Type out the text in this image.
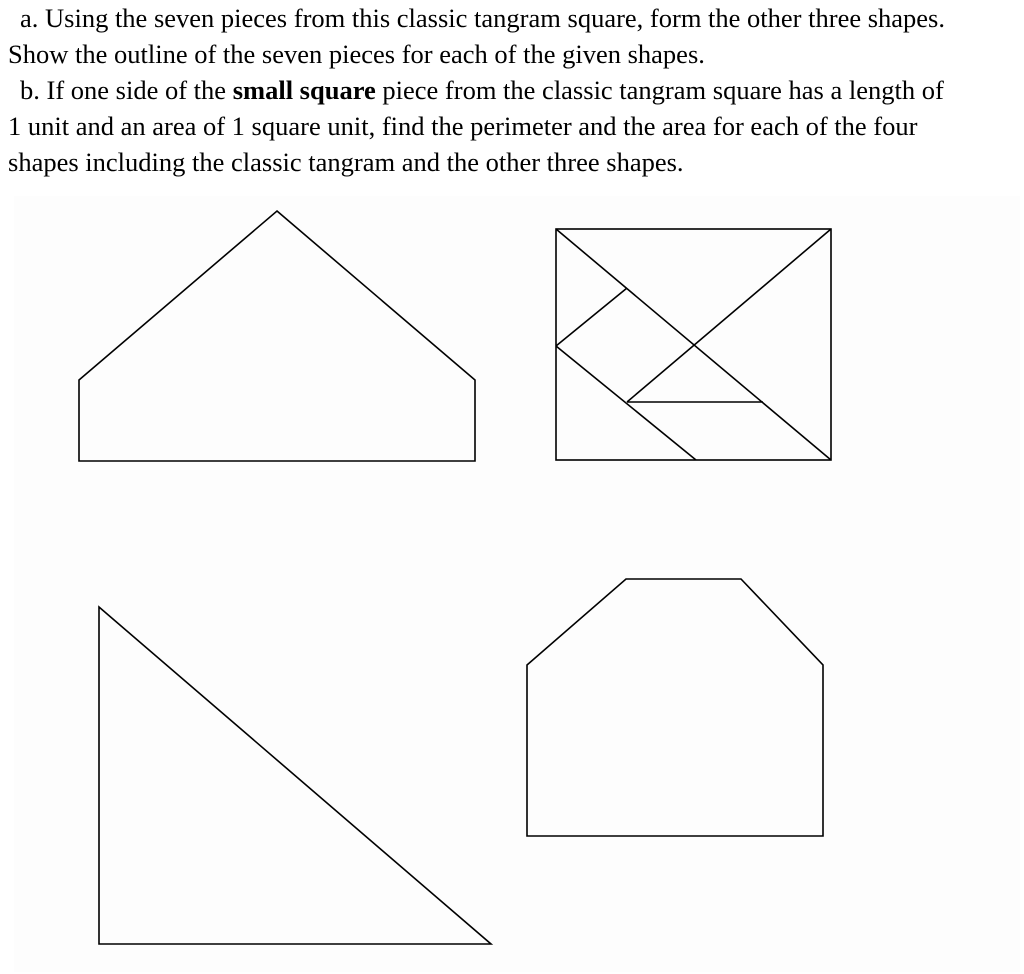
a. Using the seven pieces from this classic tangram square, form the other three shapes.

Show the outline of the seven pieces for each of the given shapes.

b. If one side of the small square piece from the classic tangram square has a length of

1 unit and an area of 1 square unit, find the perimeter and the area for each of the four

shapes including the classic tangram and the other three shapes.
